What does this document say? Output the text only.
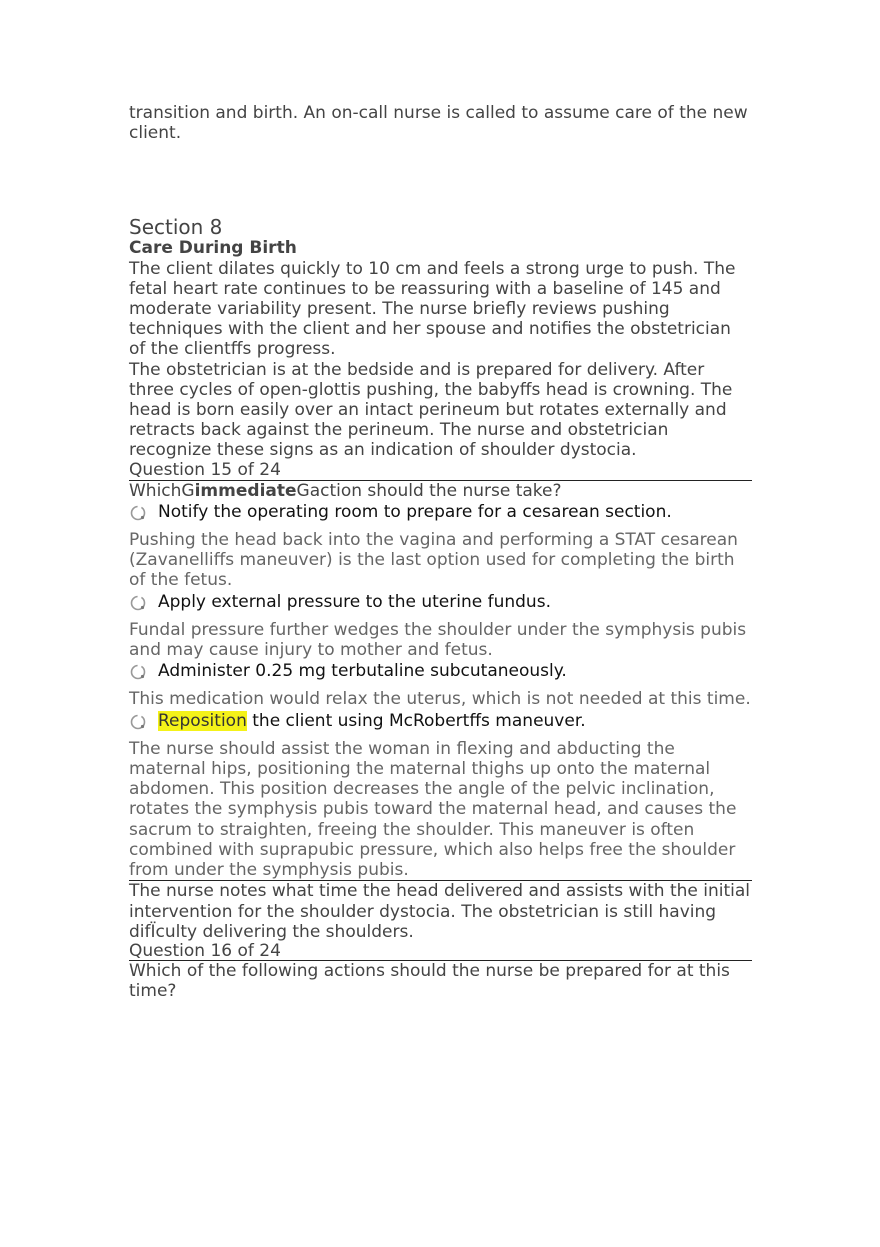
transition and birth. An on-call nurse is called to assume care of the new client.

Section 8
Care During Birth

The client dilates quickly to 10 cm and feels a strong urge to push. The fetal heart rate continues to be reassuring with a baseline of 145 and moderate variability present. The nurse briefly reviews pushing techniques with the client and her spouse and notifies the obstetrician of the clientffs progress.

The obstetrician is at the bedside and is prepared for delivery. After three cycles of open-glottis pushing, the babyffs head is crowning. The head is born easily over an intact perineum but rotates externally and retracts back against the perineum. The nurse and obstetrician recognize these signs as an indication of shoulder dystocia.

Question 15 of 24
WhichGimmediateGaction should the nurse take?
Notify the operating room to prepare for a cesarean section.

Pushing the head back into the vagina and performing a STAT cesarean (Zavanelliffs maneuver) is the last option used for completing the birth of the fetus.

Apply external pressure to the uterine fundus.

Fundal pressure further wedges the shoulder under the symphysis pubis and may cause injury to mother and fetus.

Administer 0.25 mg terbutaline subcutaneously.

This medication would relax the uterus, which is not needed at this time.

Reposition the client using McRobertffs maneuver.

The nurse should assist the woman in flexing and abducting the maternal hips, positioning the maternal thighs up onto the maternal abdomen. This position decreases the angle of the pelvic inclination, rotates the symphysis pubis toward the maternal head, and causes the sacrum to straighten, freeing the shoulder. This maneuver is often combined with suprapubic pressure, which also helps free the shoulder from under the symphysis pubis.

The nurse notes what time the head delivered and assists with the initial intervention for the shoulder dystocia. The obstetrician is still having difÏculty delivering the shoulders.

Question 16 of 24

Which of the following actions should the nurse be prepared for at this time?
